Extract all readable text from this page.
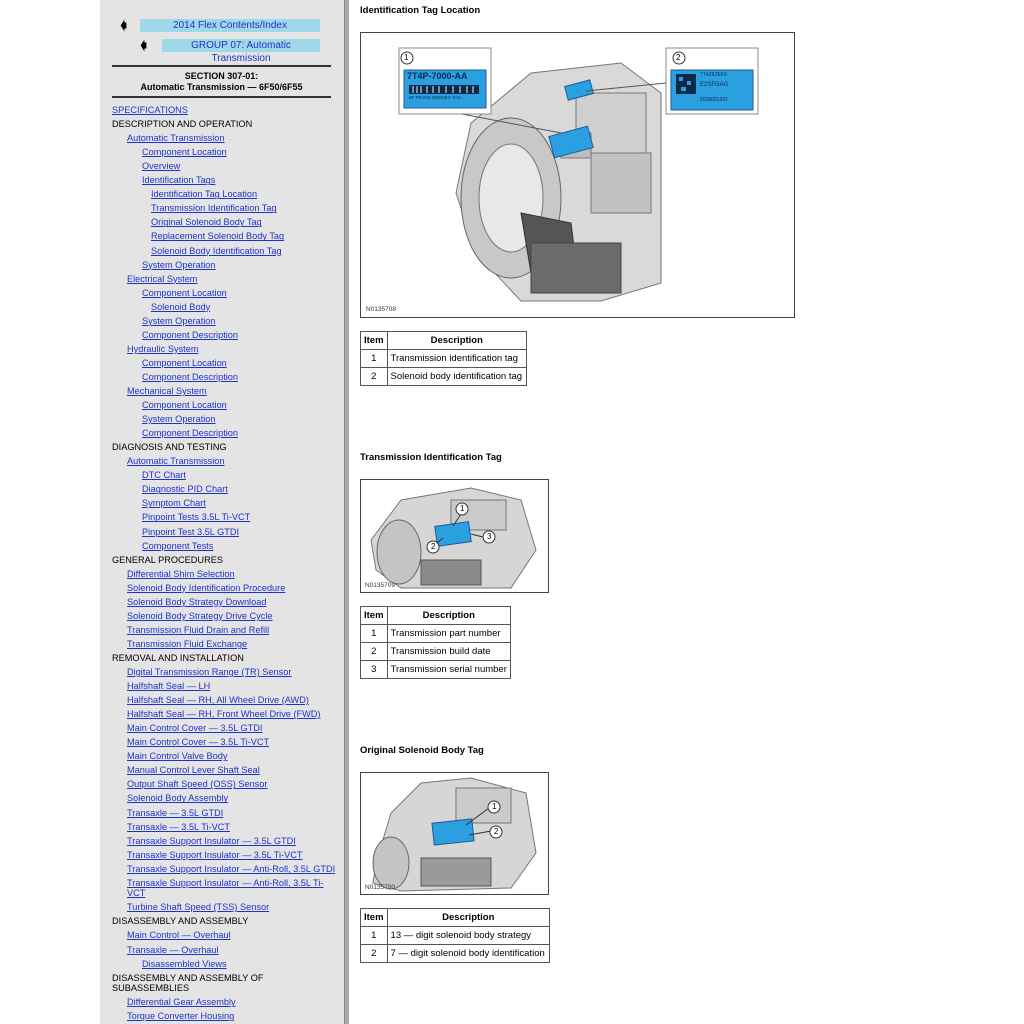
🡀	2014 Flex Contents/Index
🡀	GROUP 07: Automatic Transmission
SECTION 307-01:
Automatic Transmission — 6F50/6F55
SPECIFICATIONS
DESCRIPTION AND OPERATION
Automatic Transmission
Component Location
Overview
Identification Tags
Identification Tag Location
Transmission Identification Tag
Original Solenoid Body Tag
Replacement Solenoid Body Tag
Solenoid Body Identification Tag
System Operation
Electrical System
Component Location
Solenoid Body
System Operation
Component Description
Hydraulic System
Component Location
Component Description
Mechanical System
Component Location
System Operation
Component Description
DIAGNOSIS AND TESTING
Automatic Transmission
DTC Chart
Diagnostic PID Chart
Symptom Chart
Pinpoint Tests 3.5L Ti-VCT
Pinpoint Test 3.5L GTDI
Component Tests
GENERAL PROCEDURES
Differential Shim Selection
Solenoid Body Identification Procedure
Solenoid Body Strategy Download
Solenoid Body Strategy Drive Cycle
Transmission Fluid Drain and Refill
Transmission Fluid Exchange
REMOVAL AND INSTALLATION
Digital Transmission Range (TR) Sensor
Halfshaft Seal — LH
Halfshaft Seal — RH, All Wheel Drive (AWD)
Halfshaft Seal — RH, Front Wheel Drive (FWD)
Main Control Cover — 3.5L GTDI
Main Control Cover — 3.5L Ti-VCT
Main Control Valve Body
Manual Control Lever Shaft Seal
Output Shaft Speed (OSS) Sensor
Solenoid Body Assembly
Transaxle — 3.5L GTDI
Transaxle — 3.5L Ti-VCT
Transaxle Support Insulator — 3.5L GTDI
Transaxle Support Insulator — 3.5L Ti-VCT
Transaxle Support Insulator — Anti-Roll, 3.5L GTDI
Transaxle Support Insulator — Anti-Roll, 3.5L Ti-VCT
Turbine Shaft Speed (TSS) Sensor
DISASSEMBLY AND ASSEMBLY
Main Control — Overhaul
Transaxle — Overhaul
Disassembled Views
DISASSEMBLY AND ASSEMBLY OF SUBASSEMBLIES
Differential Gear Assembly
Torque Converter Housing
Identification Tag Location
1	2
7T4P-7000-AA
6F TRANS 6SERIES TAG
7T4Z8ZEF0
E2SFGAG
6036001201
N0135708
Item	Description
1	Transmission identification tag
2	Solenoid body identification tag
Transmission Identification Tag
1
2
3
N0135709
Item	Description
1	Transmission part number
2	Transmission build date
3	Transmission serial number
Original Solenoid Body Tag
1
2
N0135700
Item	Description
1	13 — digit solenoid body strategy
2	7 — digit solenoid body identification
